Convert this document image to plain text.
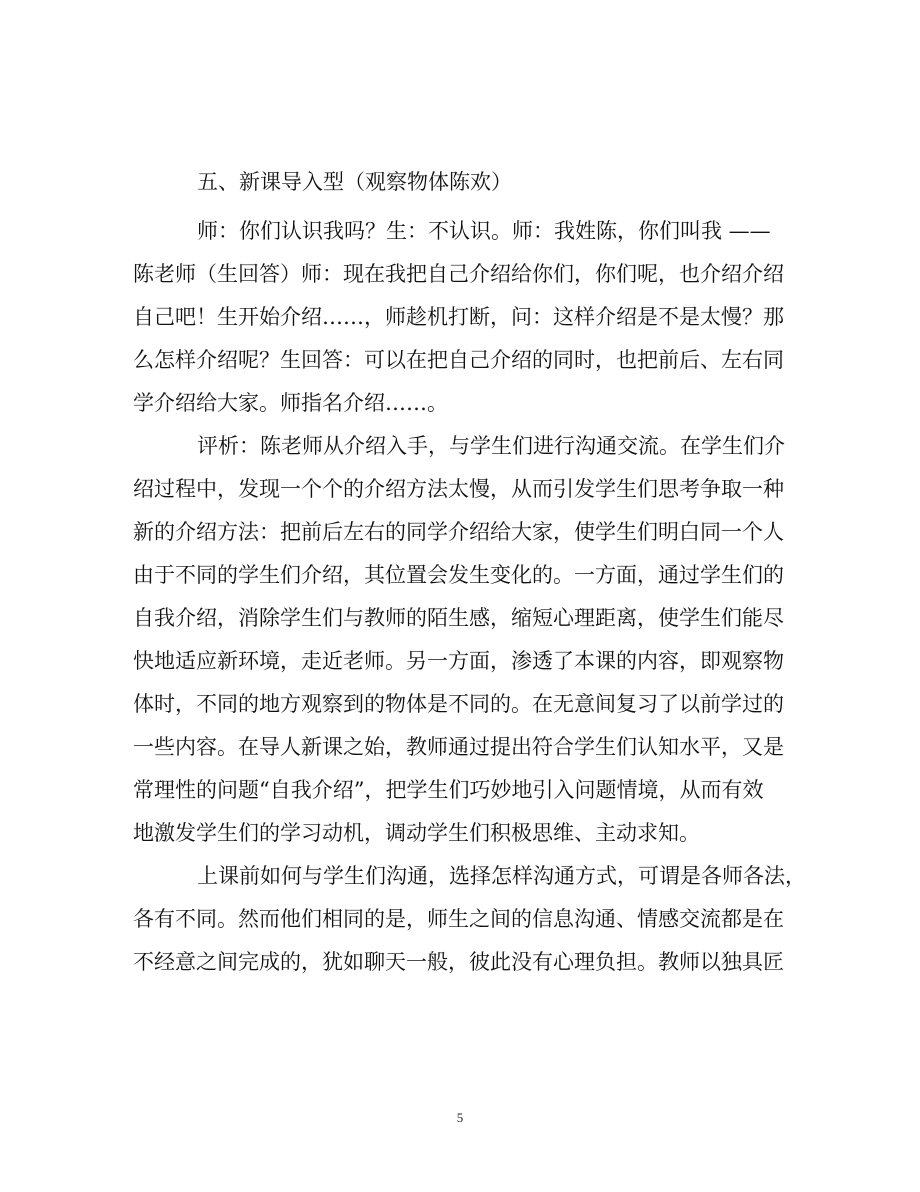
五、新课导入型（观察物体陈欢）
师：你们认识我吗？生：不认识。师：我姓陈，你们叫我 ——
陈老师（生回答）师：现在我把自己介绍给你们，你们呢，也介绍介绍
自己吧！生开始介绍……，师趁机打断，问：这样介绍是不是太慢？那
么怎样介绍呢？生回答：可以在把自己介绍的同时，也把前后、左右同
学介绍给大家。师指名介绍……。
评析：陈老师从介绍入手，与学生们进行沟通交流。在学生们介
绍过程中，发现一个个的介绍方法太慢，从而引发学生们思考争取一种
新的介绍方法：把前后左右的同学介绍给大家，使学生们明白同一个人
由于不同的学生们介绍，其位置会发生变化的。一方面，通过学生们的
自我介绍，消除学生们与教师的陌生感，缩短心理距离，使学生们能尽
快地适应新环境，走近老师。另一方面，渗透了本课的内容，即观察物
体时，不同的地方观察到的物体是不同的。在无意间复习了以前学过的
一些内容。在导人新课之始，教师通过提出符合学生们认知水平，又是
常理性的问题“自我介绍”，把学生们巧妙地引入问题情境，从而有效
地激发学生们的学习动机，调动学生们积极思维、主动求知。
上课前如何与学生们沟通，选择怎样沟通方式，可谓是各师各法，
各有不同。然而他们相同的是，师生之间的信息沟通、情感交流都是在
不经意之间完成的，犹如聊天一般，彼此没有心理负担。教师以独具匠
5
